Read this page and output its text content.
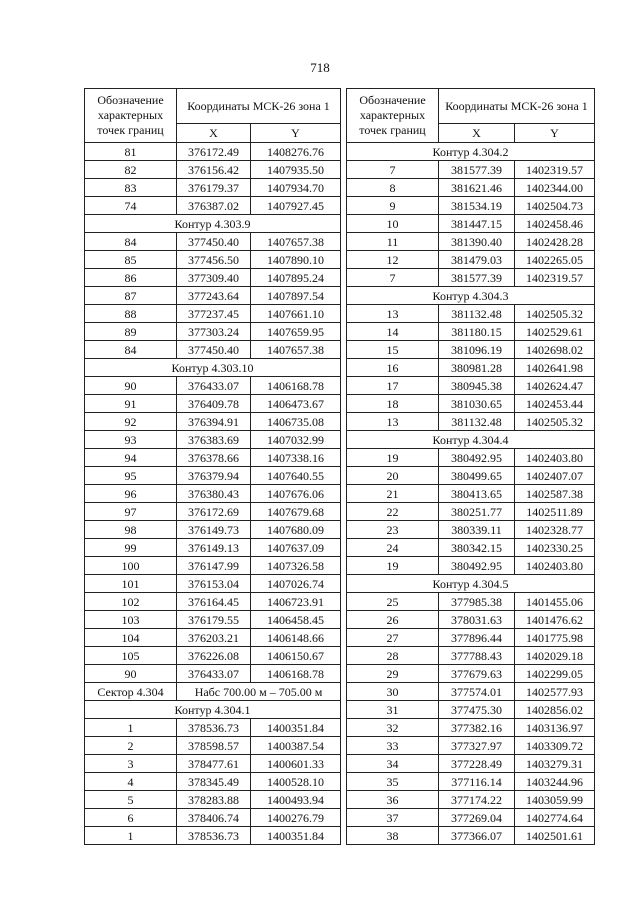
718
Обозначение характерных точек границ	Координаты МСК-26 зона 1	
	X	Y
81	376172.49	1408276.76
82	376156.42	1407935.50
83	376179.37	1407934.70
74	376387.02	1407927.45
Контур 4.303.9		
84	377450.40	1407657.38
85	377456.50	1407890.10
86	377309.40	1407895.24
87	377243.64	1407897.54
88	377237.45	1407661.10
89	377303.24	1407659.95
84	377450.40	1407657.38
Контур 4.303.10		
90	376433.07	1406168.78
91	376409.78	1406473.67
92	376394.91	1406735.08
93	376383.69	1407032.99
94	376378.66	1407338.16
95	376379.94	1407640.55
96	376380.43	1407676.06
97	376172.69	1407679.68
98	376149.73	1407680.09
99	376149.13	1407637.09
100	376147.99	1407326.58
101	376153.04	1407026.74
102	376164.45	1406723.91
103	376179.55	1406458.45
104	376203.21	1406148.66
105	376226.08	1406150.67
90	376433.07	1406168.78
Сектор 4.304	Набс 700.00 м – 705.00 м	
Контур 4.304.1		
1	378536.73	1400351.84
2	378598.57	1400387.54
3	378477.61	1400601.33
4	378345.49	1400528.10
5	378283.88	1400493.94
6	378406.74	1400276.79
1	378536.73	1400351.84
Обозначение характерных точек границ	Координаты МСК-26 зона 1	
	X	Y
Контур 4.304.2		
7	381577.39	1402319.57
8	381621.46	1402344.00
9	381534.19	1402504.73
10	381447.15	1402458.46
11	381390.40	1402428.28
12	381479.03	1402265.05
7	381577.39	1402319.57
Контур 4.304.3		
13	381132.48	1402505.32
14	381180.15	1402529.61
15	381096.19	1402698.02
16	380981.28	1402641.98
17	380945.38	1402624.47
18	381030.65	1402453.44
13	381132.48	1402505.32
Контур 4.304.4		
19	380492.95	1402403.80
20	380499.65	1402407.07
21	380413.65	1402587.38
22	380251.77	1402511.89
23	380339.11	1402328.77
24	380342.15	1402330.25
19	380492.95	1402403.80
Контур 4.304.5		
25	377985.38	1401455.06
26	378031.63	1401476.62
27	377896.44	1401775.98
28	377788.43	1402029.18
29	377679.63	1402299.05
30	377574.01	1402577.93
31	377475.30	1402856.02
32	377382.16	1403136.97
33	377327.97	1403309.72
34	377228.49	1403279.31
35	377116.14	1403244.96
36	377174.22	1403059.99
37	377269.04	1402774.64
38	377366.07	1402501.61
